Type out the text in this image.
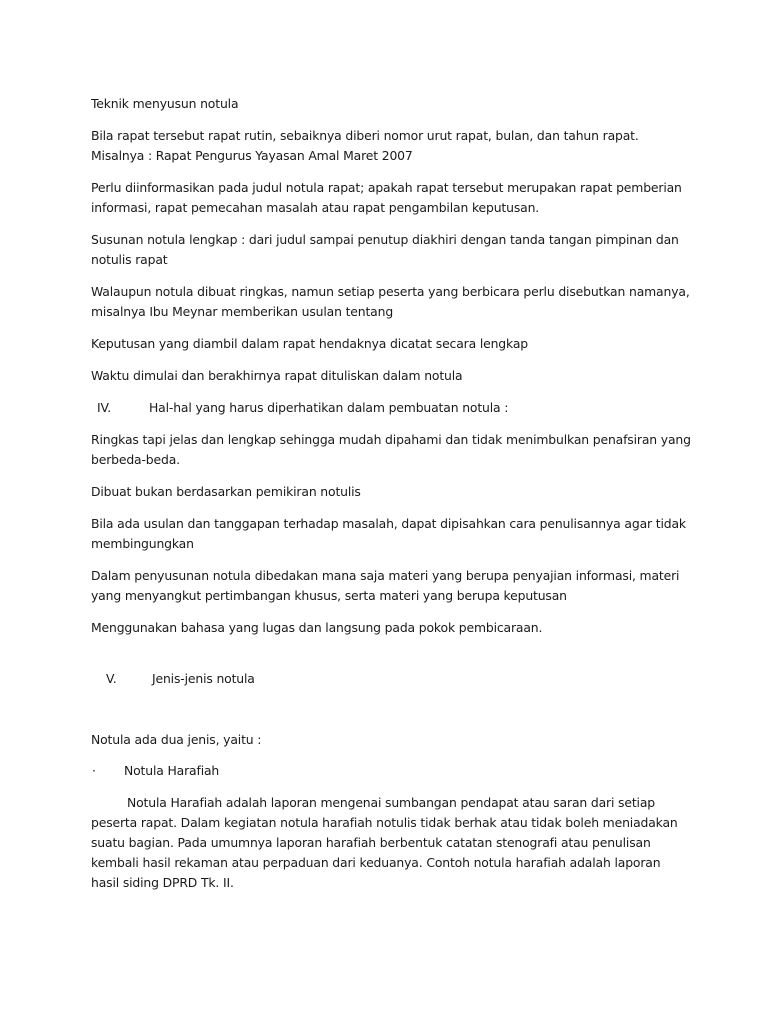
Teknik menyusun notula

Bila rapat tersebut rapat rutin, sebaiknya diberi nomor urut rapat, bulan, dan tahun rapat. Misalnya : Rapat Pengurus Yayasan Amal Maret 2007

Perlu diinformasikan pada judul notula rapat; apakah rapat tersebut merupakan rapat pemberian informasi, rapat pemecahan masalah atau rapat pengambilan keputusan.

Susunan notula lengkap : dari judul sampai penutup diakhiri dengan tanda tangan pimpinan dan notulis rapat

Walaupun notula dibuat ringkas, namun setiap peserta yang berbicara perlu disebutkan namanya, misalnya Ibu Meynar memberikan usulan tentang

Keputusan yang diambil dalam rapat hendaknya dicatat secara lengkap

Waktu dimulai dan berakhirnya rapat dituliskan dalam notula

IV.	Hal-hal yang harus diperhatikan dalam pembuatan notula :

Ringkas tapi jelas dan lengkap sehingga mudah dipahami dan tidak menimbulkan penafsiran yang berbeda-beda.

Dibuat bukan berdasarkan pemikiran notulis

Bila ada usulan dan tanggapan terhadap masalah, dapat dipisahkan cara penulisannya agar tidak membingungkan

Dalam penyusunan notula dibedakan mana saja materi yang berupa penyajian informasi, materi yang menyangkut pertimbangan khusus, serta materi yang berupa keputusan

Menggunakan bahasa yang lugas dan langsung pada pokok pembicaraan.

V.	Jenis-jenis notula

Notula ada dua jenis, yaitu :

·	Notula Harafiah

Notula Harafiah adalah laporan mengenai sumbangan pendapat atau saran dari setiap peserta rapat. Dalam kegiatan notula harafiah notulis tidak berhak atau tidak boleh meniadakan suatu bagian. Pada umumnya laporan harafiah berbentuk catatan stenografi atau penulisan kembali hasil rekaman atau perpaduan dari keduanya. Contoh notula harafiah adalah laporan hasil siding DPRD Tk. II.
